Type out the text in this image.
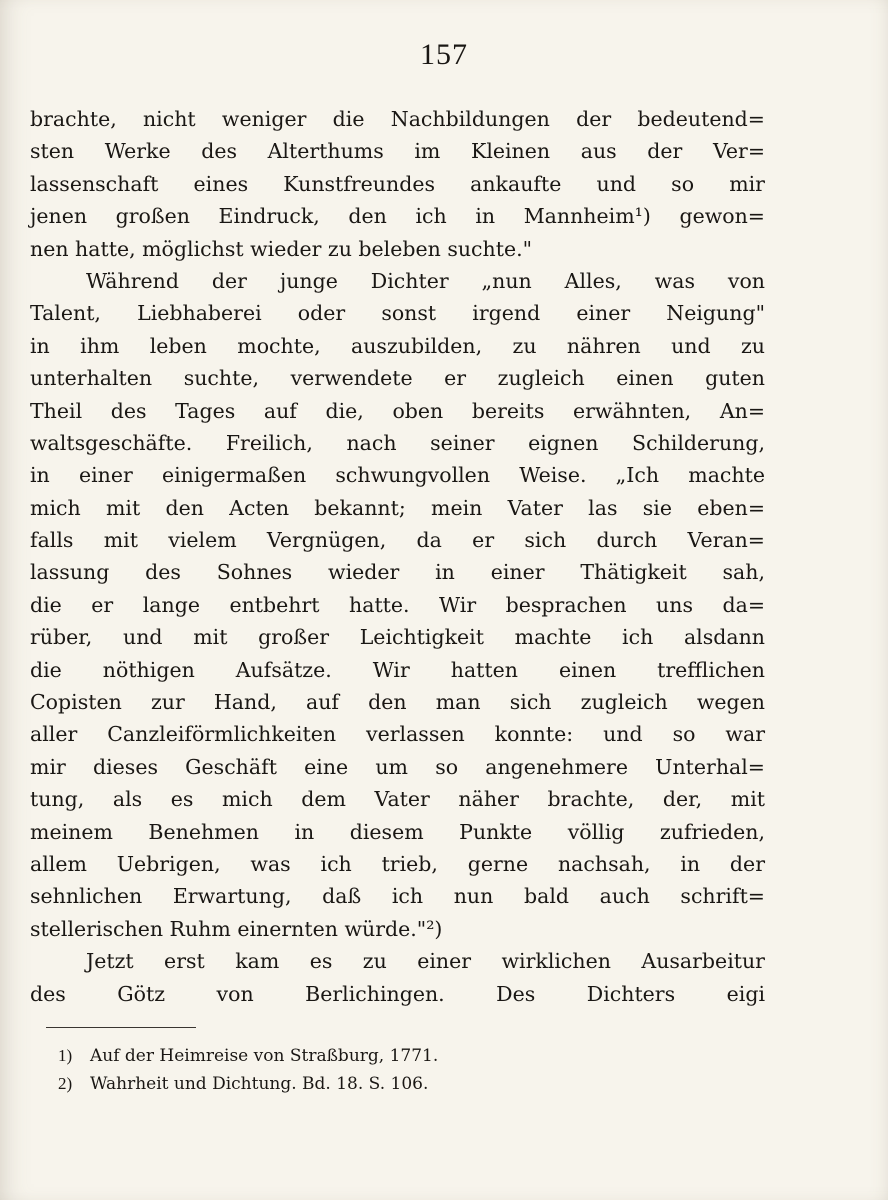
157
brachte, nicht weniger die Nachbildungen der bedeutend=
sten Werke des Alterthums im Kleinen aus der Ver=
lassenschaft eines Kunstfreundes ankaufte und so mir
jenen großen Eindruck, den ich in Mannheim¹) gewon=
nen hatte, möglichst wieder zu beleben suchte."
Während der junge Dichter „nun Alles, was von
Talent, Liebhaberei oder sonst irgend einer Neigung"
in ihm leben mochte, auszubilden, zu nähren und zu
unterhalten suchte, verwendete er zugleich einen guten
Theil des Tages auf die, oben bereits erwähnten, An=
waltsgeschäfte. Freilich, nach seiner eignen Schilderung,
in einer einigermaßen schwungvollen Weise. „Ich machte
mich mit den Acten bekannt; mein Vater las sie eben=
falls mit vielem Vergnügen, da er sich durch Veran=
lassung des Sohnes wieder in einer Thätigkeit sah,
die er lange entbehrt hatte. Wir besprachen uns da=
rüber, und mit großer Leichtigkeit machte ich alsdann
die nöthigen Aufsätze. Wir hatten einen trefflichen
Copisten zur Hand, auf den man sich zugleich wegen
aller Canzleiförmlichkeiten verlassen konnte: und so war
mir dieses Geschäft eine um so angenehmere Unterhal=
tung, als es mich dem Vater näher brachte, der, mit
meinem Benehmen in diesem Punkte völlig zufrieden,
allem Uebrigen, was ich trieb, gerne nachsah, in der
sehnlichen Erwartung, daß ich nun bald auch schrift=
stellerischen Ruhm einernten würde."²)
Jetzt erst kam es zu einer wirklichen Ausarbeitur
des Götz von Berlichingen. Des Dichters eigi
1) Auf der Heimreise von Straßburg, 1771.
2) Wahrheit und Dichtung. Bd. 18. S. 106.
